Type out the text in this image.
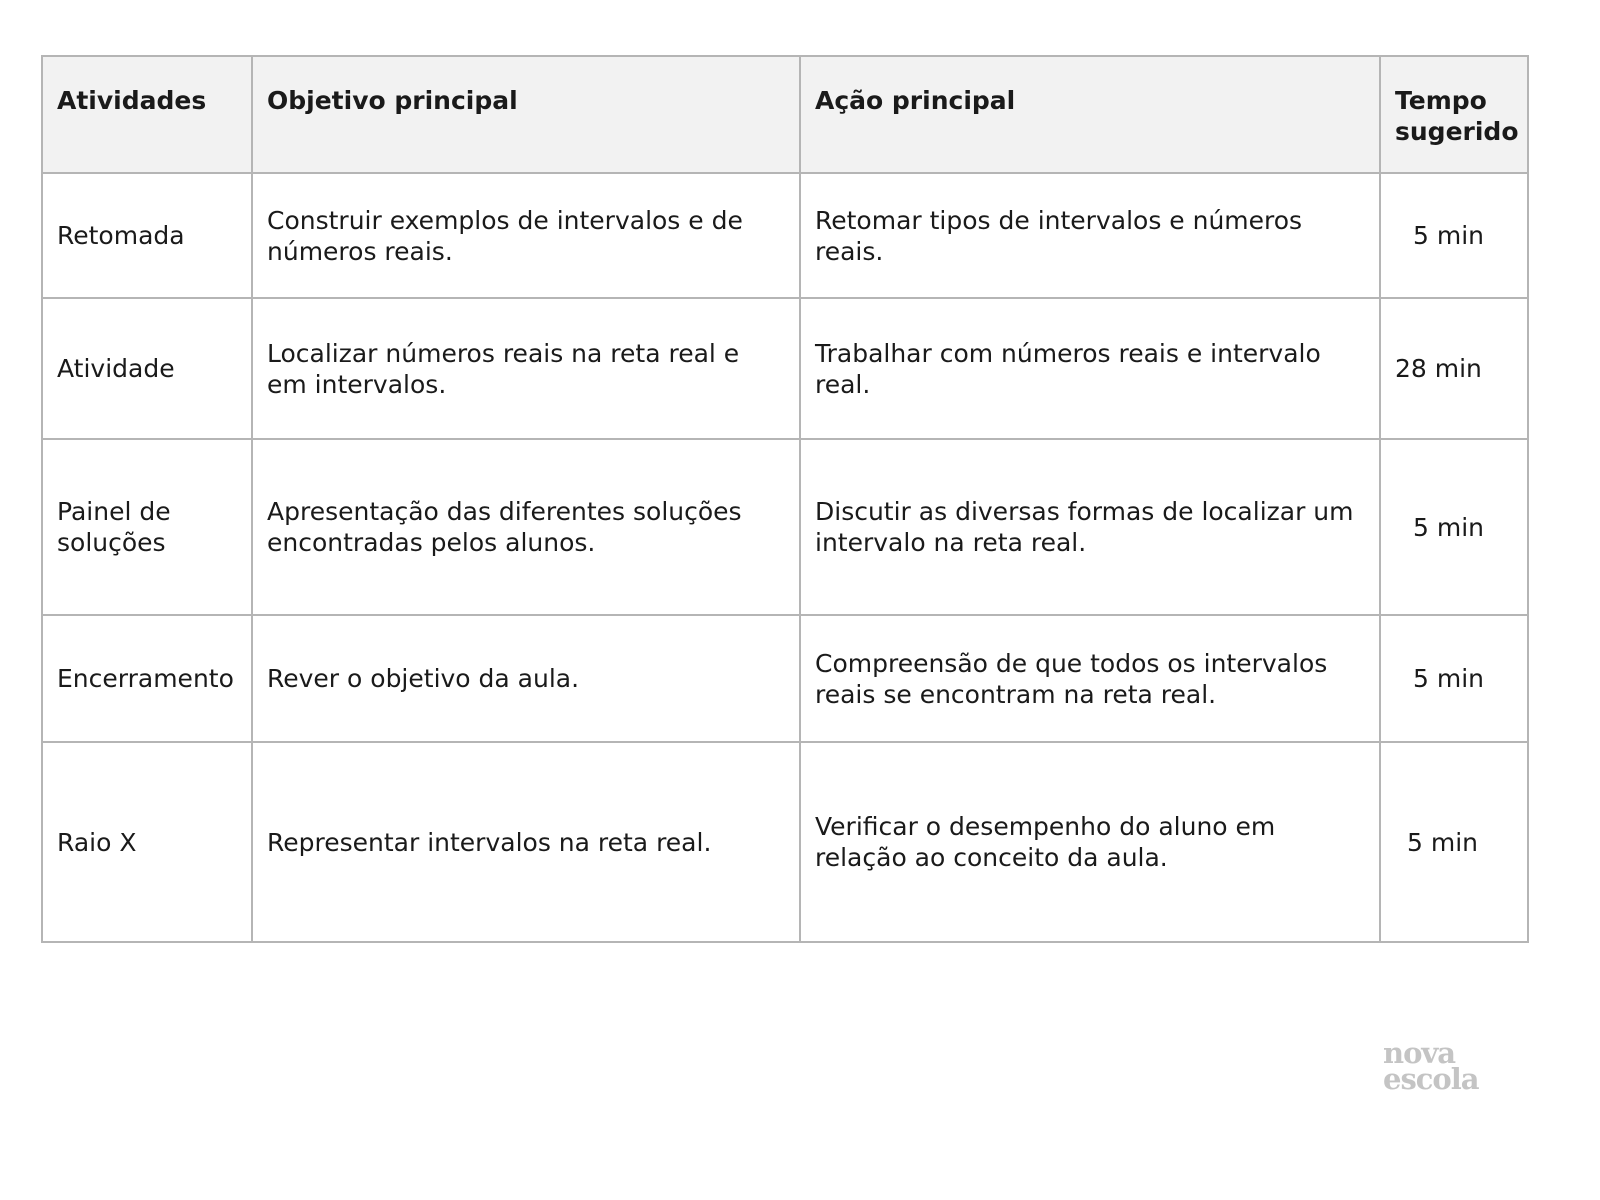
Atividades	Objetivo principal	Ação principal	Tempo sugerido
Retomada	Construir exemplos de intervalos e de números reais.	Retomar tipos de intervalos e números reais.	5 min
Atividade	Localizar números reais na reta real e em intervalos.	Trabalhar com números reais e intervalo real.	28 min
Painel de soluções	Apresentação das diferentes soluções encontradas pelos alunos.	Discutir as diversas formas de localizar um intervalo na reta real.	5 min
Encerramento	Rever o objetivo da aula.	Compreensão de que todos os intervalos reais se encontram na reta real.	5 min
Raio X	Representar intervalos na reta real.	Verificar o desempenho do aluno em relação ao conceito da aula.	5 min
nova
escola
